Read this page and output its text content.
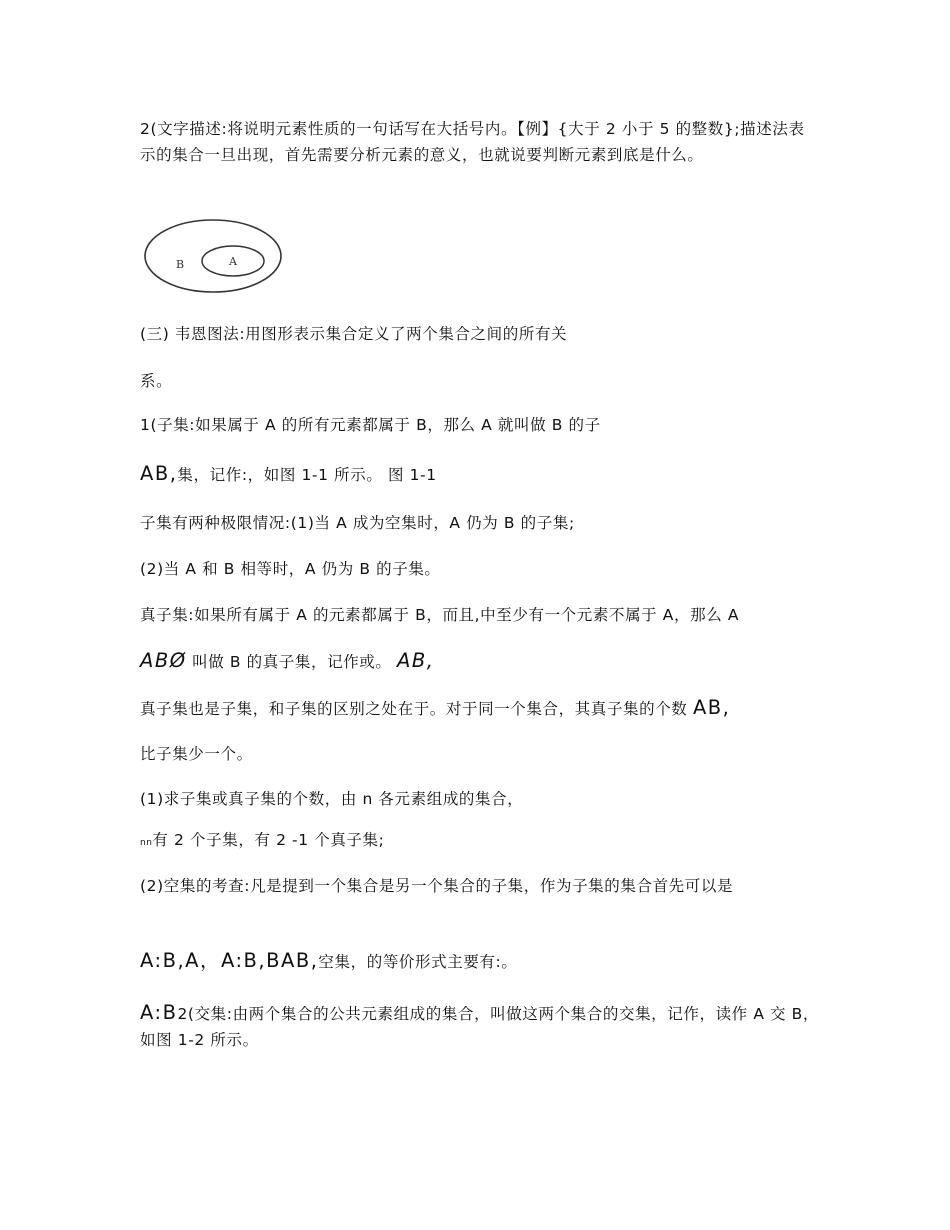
2(文字描述:将说明元素性质的一句话写在大括号内。【例】{大于 2 小于 5 的整数};描述法表示的集合一旦出现，首先需要分析元素的意义，也就说要判断元素到底是什么。
B	A
(三) 韦恩图法:用图形表示集合定义了两个集合之间的所有关
系。
1(子集:如果属于 A 的所有元素都属于 B，那么 A 就叫做 B 的子
AB,集，记作:，如图 1-1 所示。 图 1-1
子集有两种极限情况:(1)当 A 成为空集时，A 仍为 B 的子集;
(2)当 A 和 B 相等时，A 仍为 B 的子集。
真子集:如果所有属于 A 的元素都属于 B，而且,中至少有一个元素不属于 A，那么 A
ABØ 叫做 B 的真子集，记作或。 AB,
真子集也是子集，和子集的区别之处在于。对于同一个集合，其真子集的个数 AB,
比子集少一个。
(1)求子集或真子集的个数，由 n 各元素组成的集合，
nn有 2 个子集，有 2 -1 个真子集;
(2)空集的考查:凡是提到一个集合是另一个集合的子集，作为子集的集合首先可以是
A:B,A，A:B,BAB,空集，的等价形式主要有:。
A:B2(交集:由两个集合的公共元素组成的集合，叫做这两个集合的交集，记作，读作 A 交 B，如图 1-2 所示。
